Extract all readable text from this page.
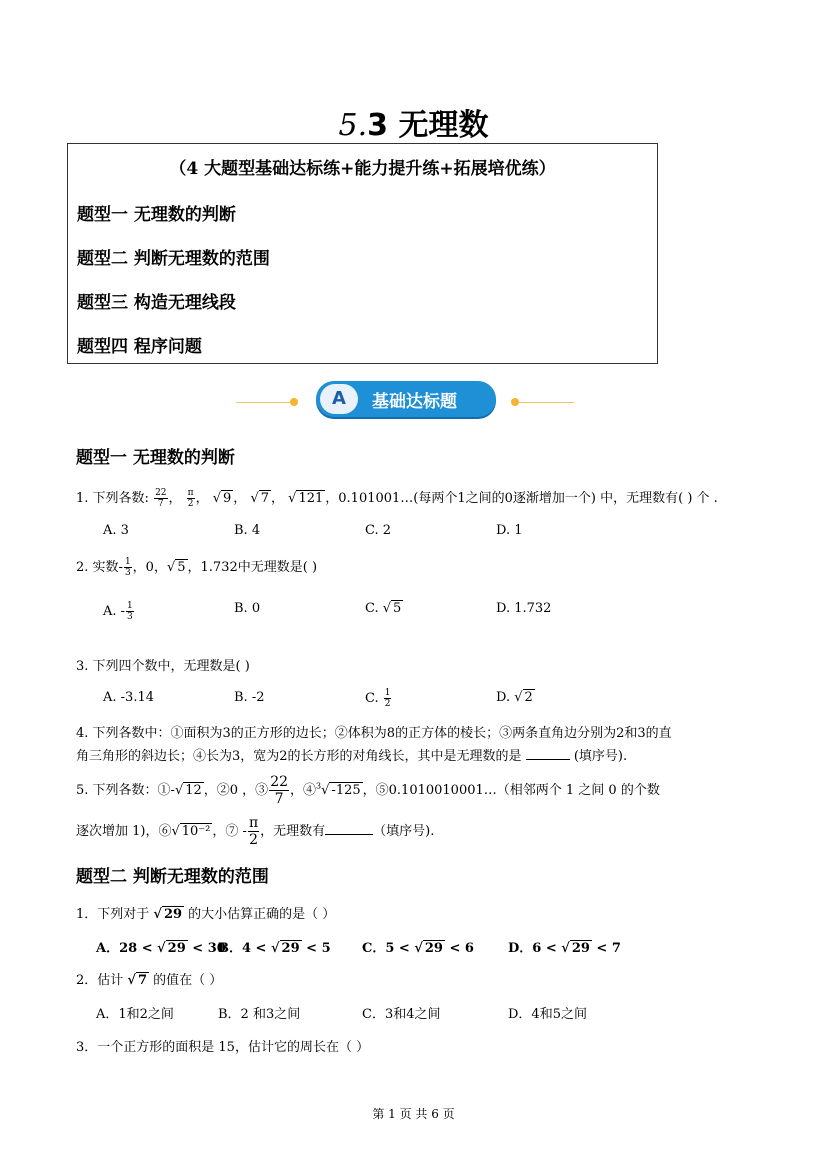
5.3 无理数
（4 大题型基础达标练+能力提升练+拓展培优练）
题型一 无理数的判断
题型二 判断无理数的范围
题型三 构造无理线段
题型四 程序问题
A	基础达标题
题型一 无理数的判断
1. 下列各数: $\frac{22}{7}$ ， $\frac{\pi}{2}$ ， √ 9 ， √ 7 ， √ 121 ，0.101001…(每两个1之间的0逐渐增加一个) 中，无理数有( ) 个 .
A. 3	B. 4	C. 2	D. 1
2. 实数- $\frac{1}{3}$ ，0， √ 5 ，1.732中无理数是( )
A. - $\frac{1}{3}$	B. 0	C. √ 5	D. 1.732
3. 下列四个数中，无理数是( )
A. -3.14	B. -2	C. $\frac{1}{2}$	D. √ 2
4. 下列各数中：①面积为3的正方形的边长；②体积为8的正方体的棱长；③两条直角边分别为2和3的直
角三角形的斜边长；④长为3，宽为2的长方形的对角线长，其中是无理数的是	(填序号).
5. 下列各数：①- √ 12 ，②0 ，③ $\frac{22}{7}$ ，④$^3$ √ -125 ，⑤0.1010010001…（相邻两个 1 之间 0 的个数
逐次增加 1)，⑥ √ 10⁻² ，⑦ - $\frac{\pi}{2}$ ，无理数有	（填序号).
题型二 判断无理数的范围
1．下列对于 √ 29 的大小估算正确的是（ ）
A．28 < √ 29 < 30
B．4 < √ 29 < 5 C．5 < √ 29 < 6	D．6 < √ 29 < 7
2．估计 √ 7 的值在（ ）
A．1和2之间	B．2 和3之间	C．3和4之间	D．4和5之间
3．一个正方形的面积是 15，估计它的周长在（ ）
第 1 页 共 6 页
